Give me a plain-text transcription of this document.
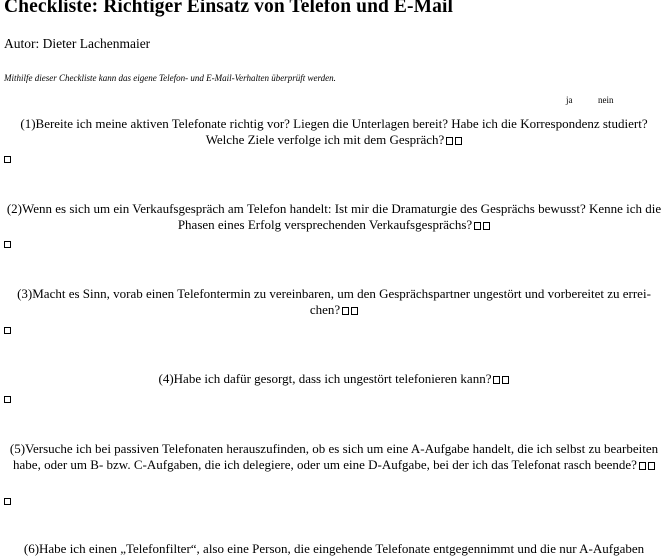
Checkliste: Richtiger Einsatz von Telefon und E-Mail
Autor: Dieter Lachenmaier
Mithilfe dieser Checkliste kann das eigene Telefon- und E-Mail-Verhalten überprüft werden.
ja	nein
(1)Bereite ich meine aktiven Telefonate richtig vor? Liegen die Unterlagen bereit? Habe ich die Korrespondenz studiert? Welche Ziele verfolge ich mit dem Gespräch?
(2)Wenn es sich um ein Verkaufsgespräch am Telefon handelt: Ist mir die Dramaturgie des Gesprächs bewusst? Kenne ich die Phasen eines Erfolg versprechenden Verkaufsgesprächs?
(3)Macht es Sinn, vorab einen Telefontermin zu vereinbaren, um den Gesprächspartner ungestört und vorbereitet zu erreichen?
(4)Habe ich dafür gesorgt, dass ich ungestört telefonieren kann?
(5)Versuche ich bei passiven Telefonaten herauszufinden, ob es sich um eine A-Aufgabe handelt, die ich selbst zu bearbeiten habe, oder um B- bzw. C-Aufgaben, die ich delegiere, oder um eine D-Aufgabe, bei der ich das Telefonat rasch beende?
(6)Habe ich einen „Telefonfilter“, also eine Person, die eingehende Telefonate entgegennimmt und die nur A-Aufgaben
